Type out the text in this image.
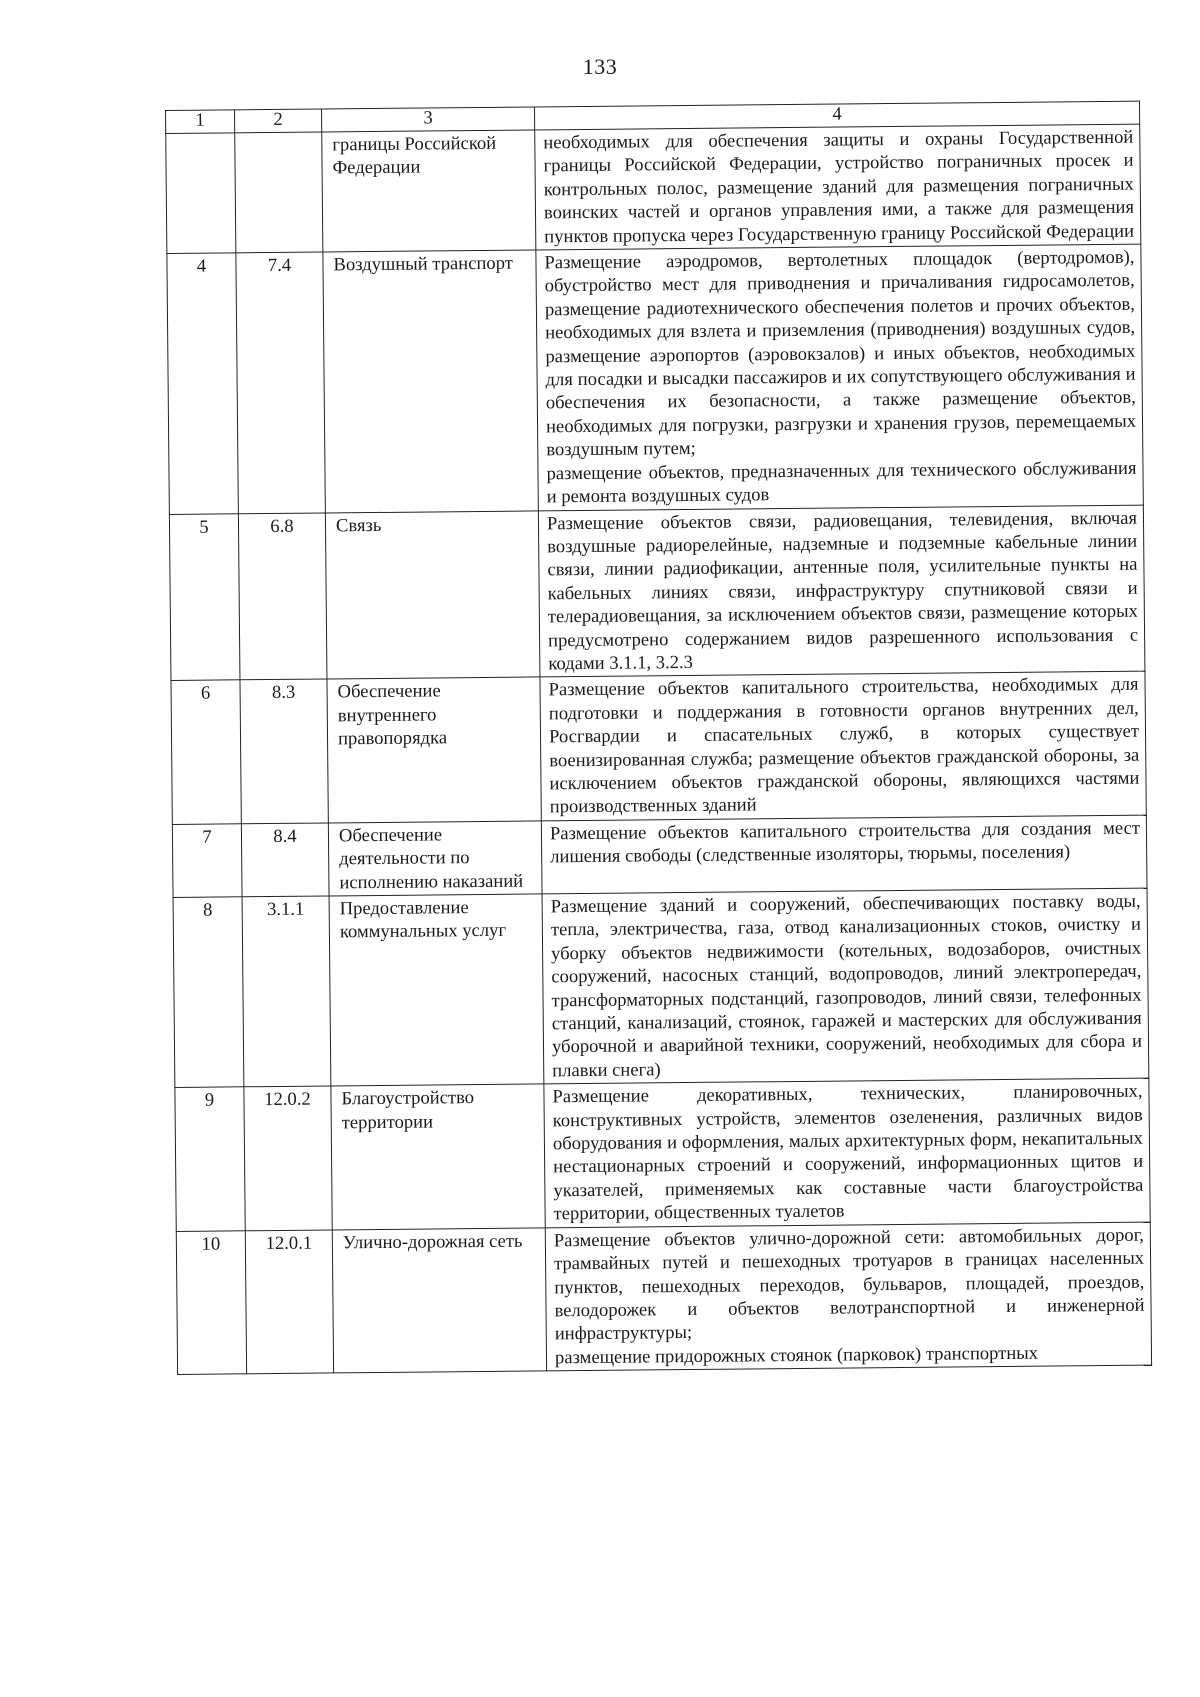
133
1	2	3	4
		границы Российской Федерации	необходимых для обеспечения защиты и охраны Государственной границы Российской Федерации, устройство пограничных просек и контрольных полос, размещение зданий для размещения пограничных воинских частей и органов управления ими, а также для размещения пунктов пропуска через Государственную границу Российской Федерации

4	7.4	Воздушный транспорт	Размещение аэродромов, вертолетных площадок (вертодромов), обустройство мест для приводнения и причаливания гидросамолетов, размещение радиотехнического обеспечения полетов и прочих объектов, необходимых для взлета и приземления (приводнения) воздушных судов, размещение аэропортов (аэровокзалов) и иных объектов, необходимых для посадки и высадки пассажиров и их сопутствующего обслуживания и обеспечения их безопасности, а также размещение объектов, необходимых для погрузки, разгрузки и хранения грузов, перемещаемых воздушным путем;
размещение объектов, предназначенных для технического обслуживания и ремонта воздушных судов

5	6.8	Связь	Размещение объектов связи, радиовещания, телевидения, включая воздушные радиорелейные, надземные и подземные кабельные линии связи, линии радиофикации, антенные поля, усилительные пункты на кабельных линиях связи, инфраструктуру спутниковой связи и телерадиовещания, за исключением объектов связи, размещение которых предусмотрено содержанием видов разрешенного использования с кодами 3.1.1, 3.2.3

6	8.3	Обеспечение внутреннего правопорядка	Размещение объектов капитального строительства, необходимых для подготовки и поддержания в готовности органов внутренних дел, Росгвардии и спасательных служб, в которых существует военизированная служба; размещение объектов гражданской обороны, за исключением объектов гражданской обороны, являющихся частями производственных зданий

7	8.4	Обеспечение деятельности по исполнению наказаний	Размещение объектов капитального строительства для создания мест лишения свободы (следственные изоляторы, тюрьмы, поселения)

8	3.1.1	Предоставление коммунальных услуг	Размещение зданий и сооружений, обеспечивающих поставку воды, тепла, электричества, газа, отвод канализационных стоков, очистку и уборку объектов недвижимости (котельных, водозаборов, очистных сооружений, насосных станций, водопроводов, линий электропередач, трансформаторных подстанций, газопроводов, линий связи, телефонных станций, канализаций, стоянок, гаражей и мастерских для обслуживания уборочной и аварийной техники, сооружений, необходимых для сбора и плавки снега)

9	12.0.2	Благоустройство территории	Размещение декоративных, технических, планировочных, конструктивных устройств, элементов озеленения, различных видов оборудования и оформления, малых архитектурных форм, некапитальных нестационарных строений и сооружений, информационных щитов и указателей, применяемых как составные части благоустройства территории, общественных туалетов

10	12.0.1	Улично-дорожная сеть	Размещение объектов улично-дорожной сети: автомобильных дорог, трамвайных путей и пешеходных тротуаров в границах населенных пунктов, пешеходных переходов, бульваров, площадей, проездов, велодорожек и объектов велотранспортной и инженерной инфраструктуры;
размещение придорожных стоянок (парковок) транспортных
